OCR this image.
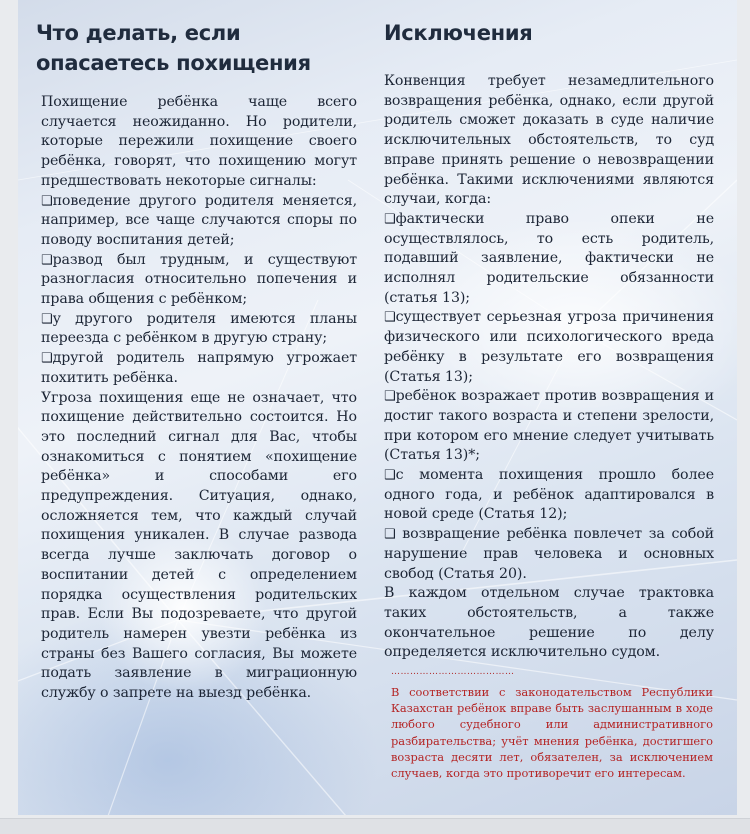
Что делать, если опасаетесь похищения

Похищение ребёнка чаще всего случается неожиданно. Но родители, которые пережили похищение своего ребёнка, говорят, что похищению могут предшествовать некоторые сигналы:

❑поведение другого родителя меняется, например, все чаще случаются споры по поводу воспитания детей;

❑развод был трудным, и существуют разногласия относительно попечения и права общения с ребёнком;

❑у другого родителя имеются планы переезда с ребёнком в другую страну;

❑другой родитель напрямую угрожает похитить ребёнка.

Угроза похищения еще не означает, что похищение действительно состоится. Но это последний сигнал для Вас, чтобы ознакомиться с понятием «похищение ребёнка» и способами его предупреждения. Ситуация, однако, осложняется тем, что каждый случай похищения уникален. В случае развода всегда лучше заключать договор о воспитании детей с определением порядка осуществления родительских прав. Если Вы подозреваете, что другой родитель намерен увезти ребёнка из страны без Вашего согласия, Вы можете подать заявление в миграционную службу о запрете на выезд ребёнка.

Исключения

Конвенция требует незамедлительного возвращения ребёнка, однако, если другой родитель сможет доказать в суде наличие исключительных обстоятельств, то суд вправе принять решение о невозвращении ребёнка. Такими исключениями являются случаи, когда:

❑фактически право опеки не осуществлялось, то есть родитель, подавший заявление, фактически не исполнял родительские обязанности (статья 13);

❑существует серьезная угроза причинения физического или психологического вреда ребёнку в результате его возвращения (Статья 13);

❑ребёнок возражает против возвращения и достиг такого возраста и степени зрелости, при котором его мнение следует учитывать (Статья 13)*;

❑с момента похищения прошло более одного года, и ребёнок адаптировался в новой среде (Статья 12);

❑ возвращение ребёнка повлечет за собой нарушение прав человека и основных свобод (Статья 20).

В каждом отдельном случае трактовка таких обстоятельств, а также окончательное решение по делу определяется исключительно судом.

…………………………………
В соответствии с законодательством Республики Казахстан ребёнок вправе быть заслушанным в ходе любого судебного или административного разбирательства; учёт мнения ребёнка, достигшего возраста десяти лет, обязателен, за исключением случаев, когда это противоречит его интересам.
